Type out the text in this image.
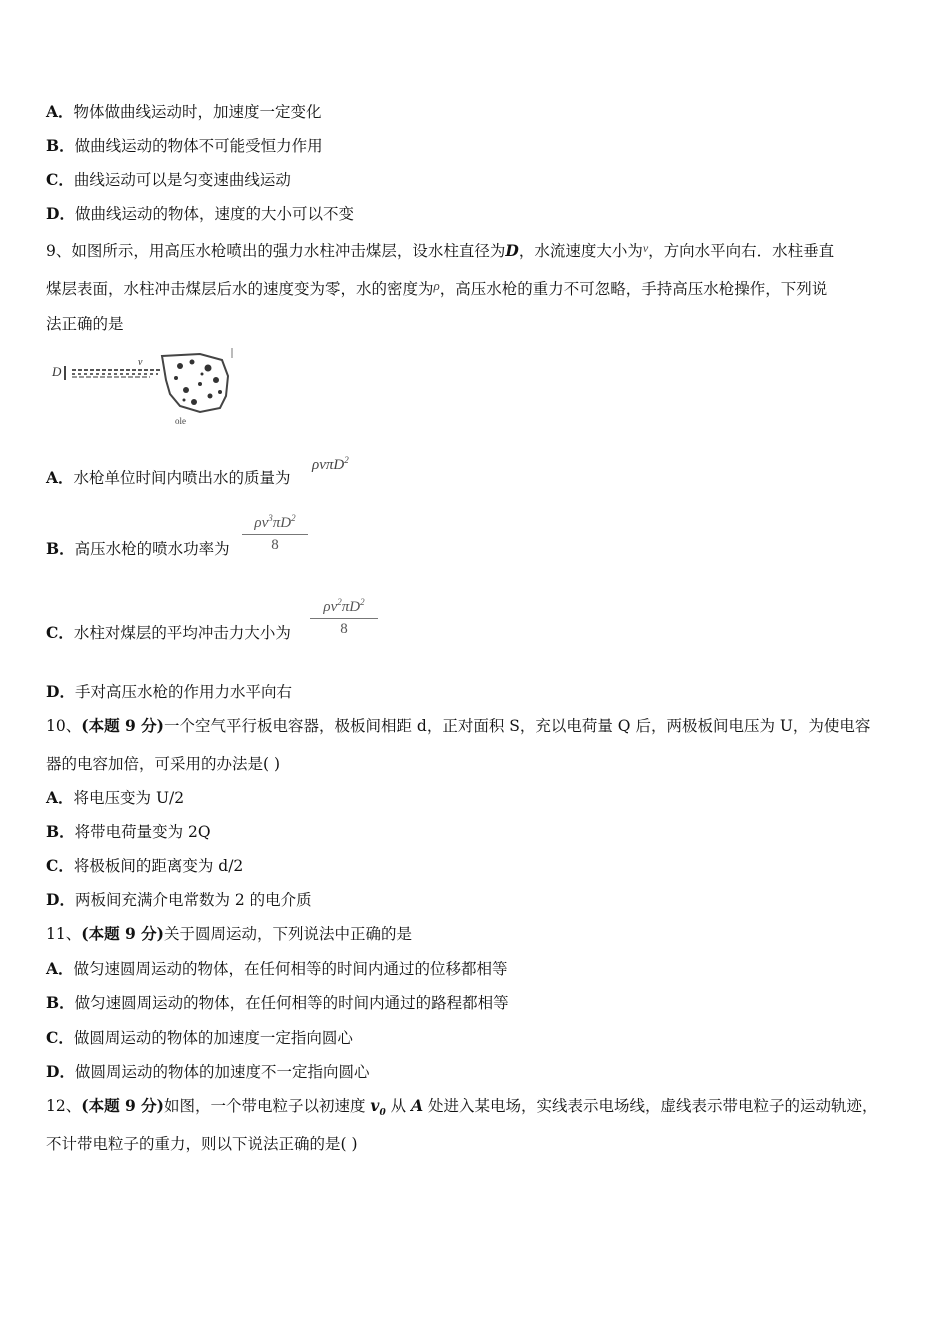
A．物体做曲线运动时，加速度一定变化
B．做曲线运动的物体不可能受恒力作用
C．曲线运动可以是匀变速曲线运动
D．做曲线运动的物体，速度的大小可以不变
9、如图所示，用高压水枪喷出的强力水柱冲击煤层，设水柱直径为D，水流速度大小为$^v$，方向水平向右．水柱垂直
煤层表面，水柱冲击煤层后水的速度变为零，水的密度为$^\rho$，高压水枪的重力不可忽略，手持高压水枪操作，下列说
法正确的是
D
v
ole
A．水枪单位时间内喷出水的质量为
ρvπD$^2$
B．高压水枪的喷水功率为
$\rho v^3\pi D^2$
8
C．水柱对煤层的平均冲击力大小为
$\rho v^2\pi D^2$
8
D．手对高压水枪的作用力水平向右
10、(本题 9 分)一个空气平行板电容器，极板间相距 d，正对面积 S，充以电荷量 Q 后，两极板间电压为 U，为使电容
器的电容加倍，可采用的办法是( )
A．将电压变为 U/2
B．将带电荷量变为 2Q
C．将极板间的距离变为 d/2
D．两板间充满介电常数为 2 的电介质
11、(本题 9 分)关于圆周运动，下列说法中正确的是
A．做匀速圆周运动的物体，在任何相等的时间内通过的位移都相等
B．做匀速圆周运动的物体，在任何相等的时间内通过的路程都相等
C．做圆周运动的物体的加速度一定指向圆心
D．做圆周运动的物体的加速度不一定指向圆心
12、(本题 9 分)如图，一个带电粒子以初速度 $v_0$ 从 A 处进入某电场，实线表示电场线，虚线表示带电粒子的运动轨迹，
不计带电粒子的重力，则以下说法正确的是( )
